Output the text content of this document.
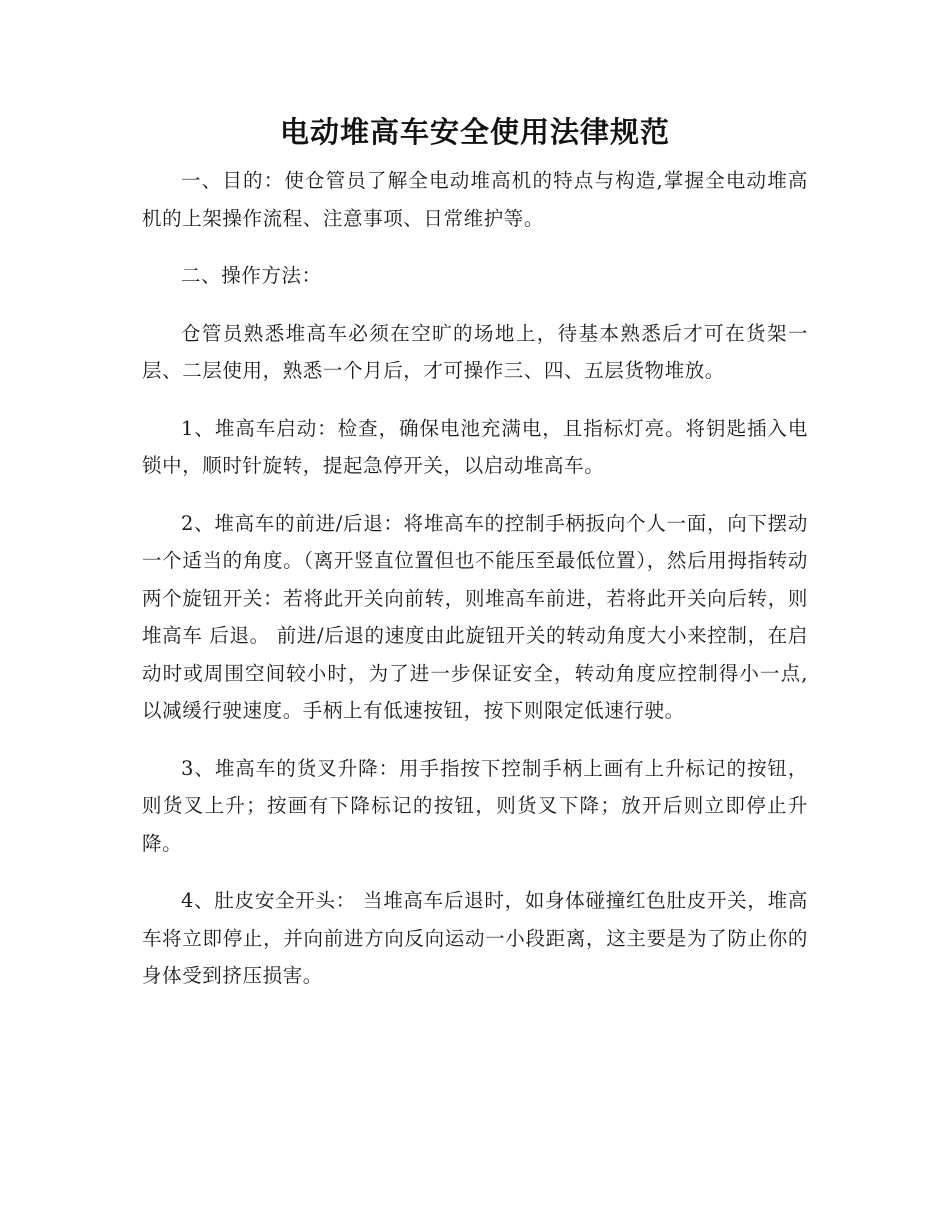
电动堆高车安全使用法律规范

一、目的：使仓管员了解全电动堆高机的特点与构造,掌握全电动堆高机的上架操作流程、注意事项、日常维护等。

二、操作方法：

仓管员熟悉堆高车必须在空旷的场地上，待基本熟悉后才可在货架一层、二层使用，熟悉一个月后，才可操作三、四、五层货物堆放。

1、堆高车启动：检查，确保电池充满电，且指标灯亮。将钥匙插入电锁中，顺时针旋转，提起急停开关，以启动堆高车。

2、堆高车的前进/后退：将堆高车的控制手柄扳向个人一面，向下摆动一个适当的角度。（离开竖直位置但也不能压至最低位置），然后用拇指转动两个旋钮开关：若将此开关向前转，则堆高车前进，若将此开关向后转，则堆高车 后退。 前进/后退的速度由此旋钮开关的转动角度大小来控制，在启动时或周围空间较小时，为了进一步保证安全，转动角度应控制得小一点,以减缓行驶速度。手柄上有低速按钮，按下则限定低速行驶。

3、堆高车的货叉升降：用手指按下控制手柄上画有上升标记的按钮，则货叉上升；按画有下降标记的按钮，则货叉下降；放开后则立即停止升降。

4、肚皮安全开头： 当堆高车后退时，如身体碰撞红色肚皮开关，堆高车将立即停止，并向前进方向反向运动一小段距离，这主要是为了防止你的身体受到挤压损害。
